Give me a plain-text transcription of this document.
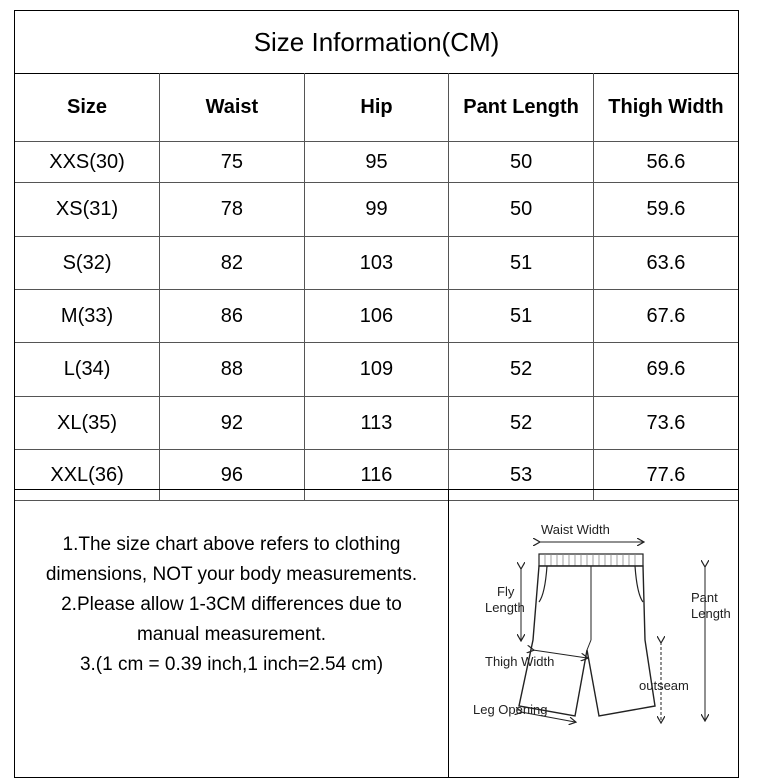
Size Information(CM)
Size	Waist	Hip	Pant Length	Thigh Width
XXS(30)	75	95	50	56.6
XS(31)	78	99	50	59.6
S(32)	82	103	51	63.6
M(33)	86	106	51	67.6
L(34)	88	109	52	69.6
XL(35)	92	113	52	73.6
XXL(36)	96	116	53	77.6
1.The size chart above refers to clothing
dimensions, NOT your body measurements.
2.Please allow 1-3CM differences due to
manual measurement.
3.(1 cm = 0.39 inch,1 inch=2.54 cm)
Waist Width
Fly
Length
Pant
Length
Thigh Width
outseam
Leg Opening
